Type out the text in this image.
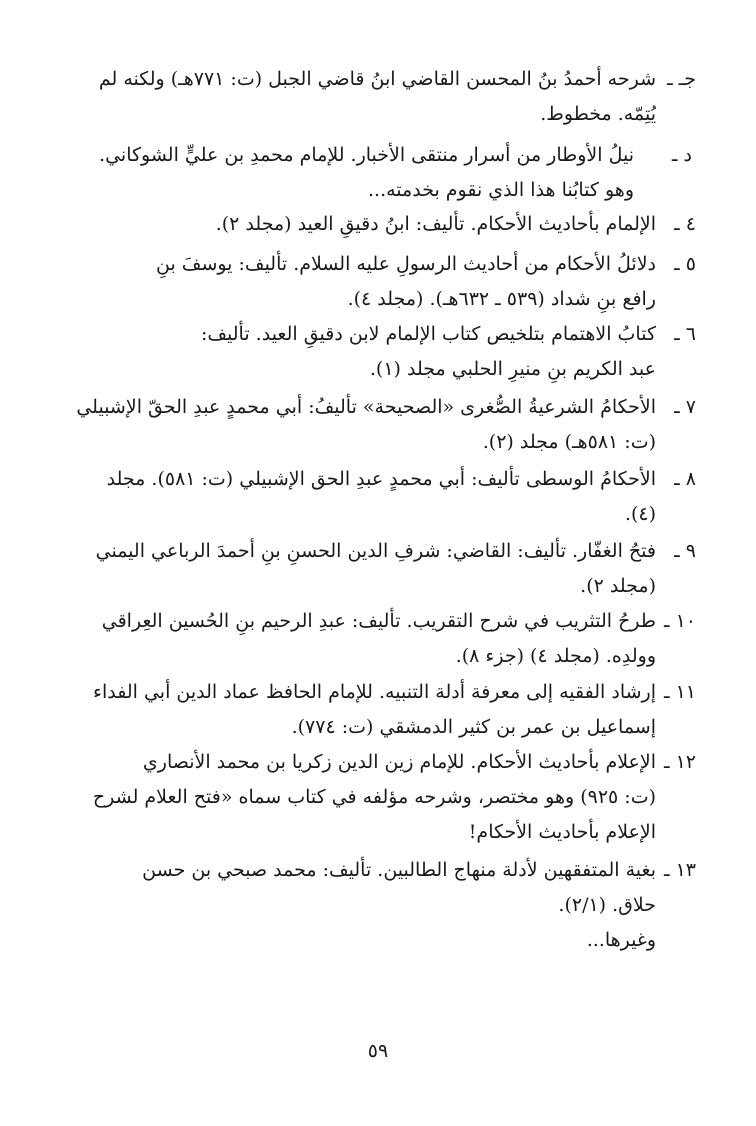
جـ ـ
شرحه أحمدُ بنُ المحسن القاضي ابنُ قاضي الجبل (ت: ٧٧١هـ) ولكنه لم
يُتِمّه. مخطوط.
د ـ
نيلُ الأوطار من أسرار منتقى الأخبار. للإمام محمدِ بن عليٍّ الشوكاني.
وهو كتابُنا هذا الذي نقوم بخدمته...
٤ ـ
الإلمام بأحاديث الأحكام. تأليف: ابنُ دقيقِ العيد (مجلد ٢).
٥ ـ
دلائلُ الأحكام من أحاديث الرسولِ عليه السلام. تأليف: يوسفَ بنِ
رافع بنِ شداد (٥٣٩ ـ ٦٣٢هـ). (مجلد ٤).
٦ ـ
كتابُ الاهتمام بتلخيص كتاب الإلمام لابن دقيقِ العيد. تأليف:
عبد الكريم بنِ منيرِ الحلبي مجلد (١).
٧ ـ
الأحكامُ الشرعيةُ الصُّغرى «الصحيحة» تأليفُ: أبي محمدٍ عبدِ الحقّ الإشبيلي
(ت: ٥٨١هـ) مجلد (٢).
٨ ـ
الأحكامُ الوسطى تأليف: أبي محمدٍ عبدِ الحق الإشبيلي (ت: ٥٨١). مجلد
(٤).
٩ ـ
فتحُ الغفّار. تأليف: القاضي: شرفِ الدين الحسنِ بنِ أحمدَ الرباعي اليمني
(مجلد ٢).
١٠ ـ
طرحُ التثريب في شرح التقريب. تأليف: عبدِ الرحيم بنِ الحُسين العِراقي
وولدِه. (مجلد ٤) (جزء ٨).
١١ ـ
إرشاد الفقيه إلى معرفة أدلة التنبيه. للإمام الحافظ عماد الدين أبي الفداء
إسماعيل بن عمر بن كثير الدمشقي (ت: ٧٧٤).
١٢ ـ
الإعلام بأحاديث الأحكام. للإمام زين الدين زكريا بن محمد الأنصاري
(ت: ٩٢٥) وهو مختصر، وشرحه مؤلفه في كتاب سماه «فتح العلام لشرح
الإعلام بأحاديث الأحكام!
١٣ ـ
بغية المتفقهين لأدلة منهاج الطالبين. تأليف: محمد صبحي بن حسن
حلاق. (٢/١).
وغيرها...
٥٩
